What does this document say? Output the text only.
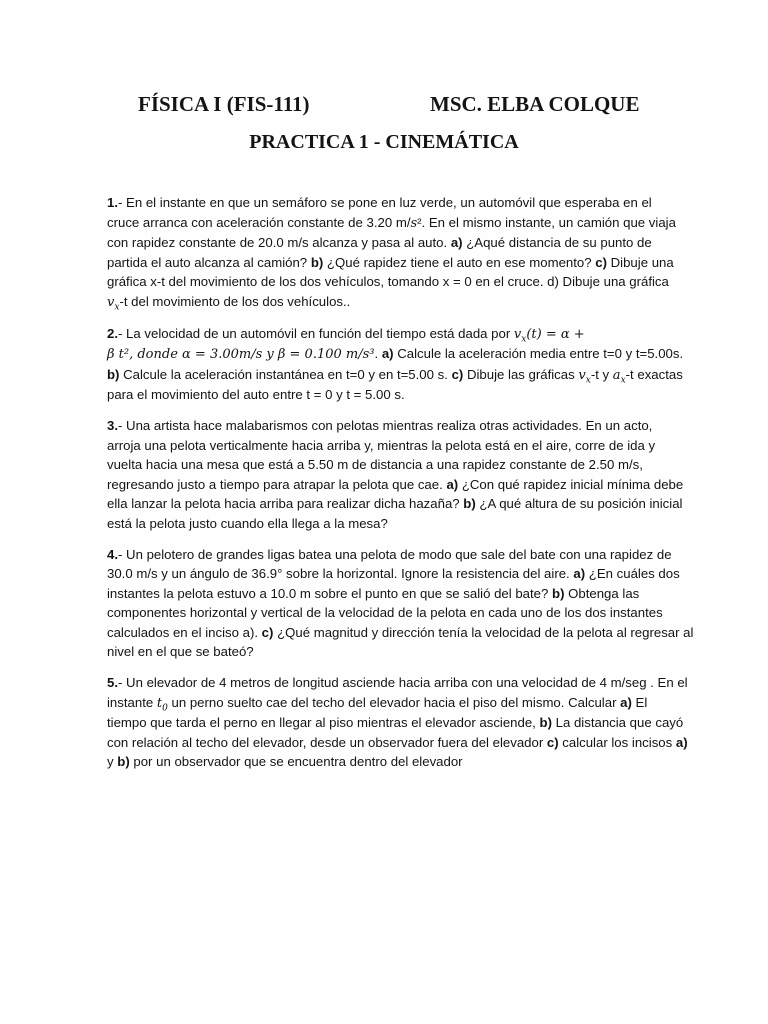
FÍSICA I (FIS-111)	MSC. ELBA COLQUE
PRACTICA 1 - CINEMÁTICA
1.- En el instante en que un semáforo se pone en luz verde, un automóvil que esperaba en el
cruce arranca con aceleración constante de 3.20 m/s². En el mismo instante, un camión que viaja
con rapidez constante de 20.0 m/s alcanza y pasa al auto. a) ¿Aqué distancia de su punto de
partida el auto alcanza al camión? b) ¿Qué rapidez tiene el auto en ese momento? c) Dibuje una
gráfica x-t del movimiento de los dos vehículos, tomando x = 0 en el cruce. d) Dibuje una gráfica
$v_x-t$ del movimiento de los dos vehículos..
2.- La velocidad de un automóvil en función del tiempo está dada por $v_x(t) = \alpha$ +
β t², donde α = 3.00m/s y β = 0.100 m/s³. a) Calcule la aceleración media entre t=0 y t=5.00s.
b) Calcule la aceleración instantánea en t=0 y en t=5.00 s. c) Dibuje las gráficas $v_x-t$ y $a_x-t$ exactas
para el movimiento del auto entre t = 0 y t = 5.00 s.
3.- Una artista hace malabarismos con pelotas mientras realiza otras actividades. En un acto,
arroja una pelota verticalmente hacia arriba y, mientras la pelota está en el aire, corre de ida y
vuelta hacia una mesa que está a 5.50 m de distancia a una rapidez constante de 2.50 m/s,
regresando justo a tiempo para atrapar la pelota que cae. a) ¿Con qué rapidez inicial mínima debe
ella lanzar la pelota hacia arriba para realizar dicha hazaña? b) ¿A qué altura de su posición inicial
está la pelota justo cuando ella llega a la mesa?
4.- Un pelotero de grandes ligas batea una pelota de modo que sale del bate con una rapidez de
30.0 m/s y un ángulo de 36.9° sobre la horizontal. Ignore la resistencia del aire. a) ¿En cuáles dos
instantes la pelota estuvo a 10.0 m sobre el punto en que se salió del bate? b) Obtenga las
componentes horizontal y vertical de la velocidad de la pelota en cada uno de los dos instantes
calculados en el inciso a). c) ¿Qué magnitud y dirección tenía la velocidad de la pelota al regresar al
nivel en el que se bateó?
5.- Un elevador de 4 metros de longitud asciende hacia arriba con una velocidad de 4 m/seg . En el
instante $t_0$ un perno suelto cae del techo del elevador hacia el piso del mismo. Calcular a) El
tiempo que tarda el perno en llegar al piso mientras el elevador asciende, b) La distancia que cayó
con relación al techo del elevador, desde un observador fuera del elevador c) calcular los incisos a)
y b) por un observador que se encuentra dentro del elevador
